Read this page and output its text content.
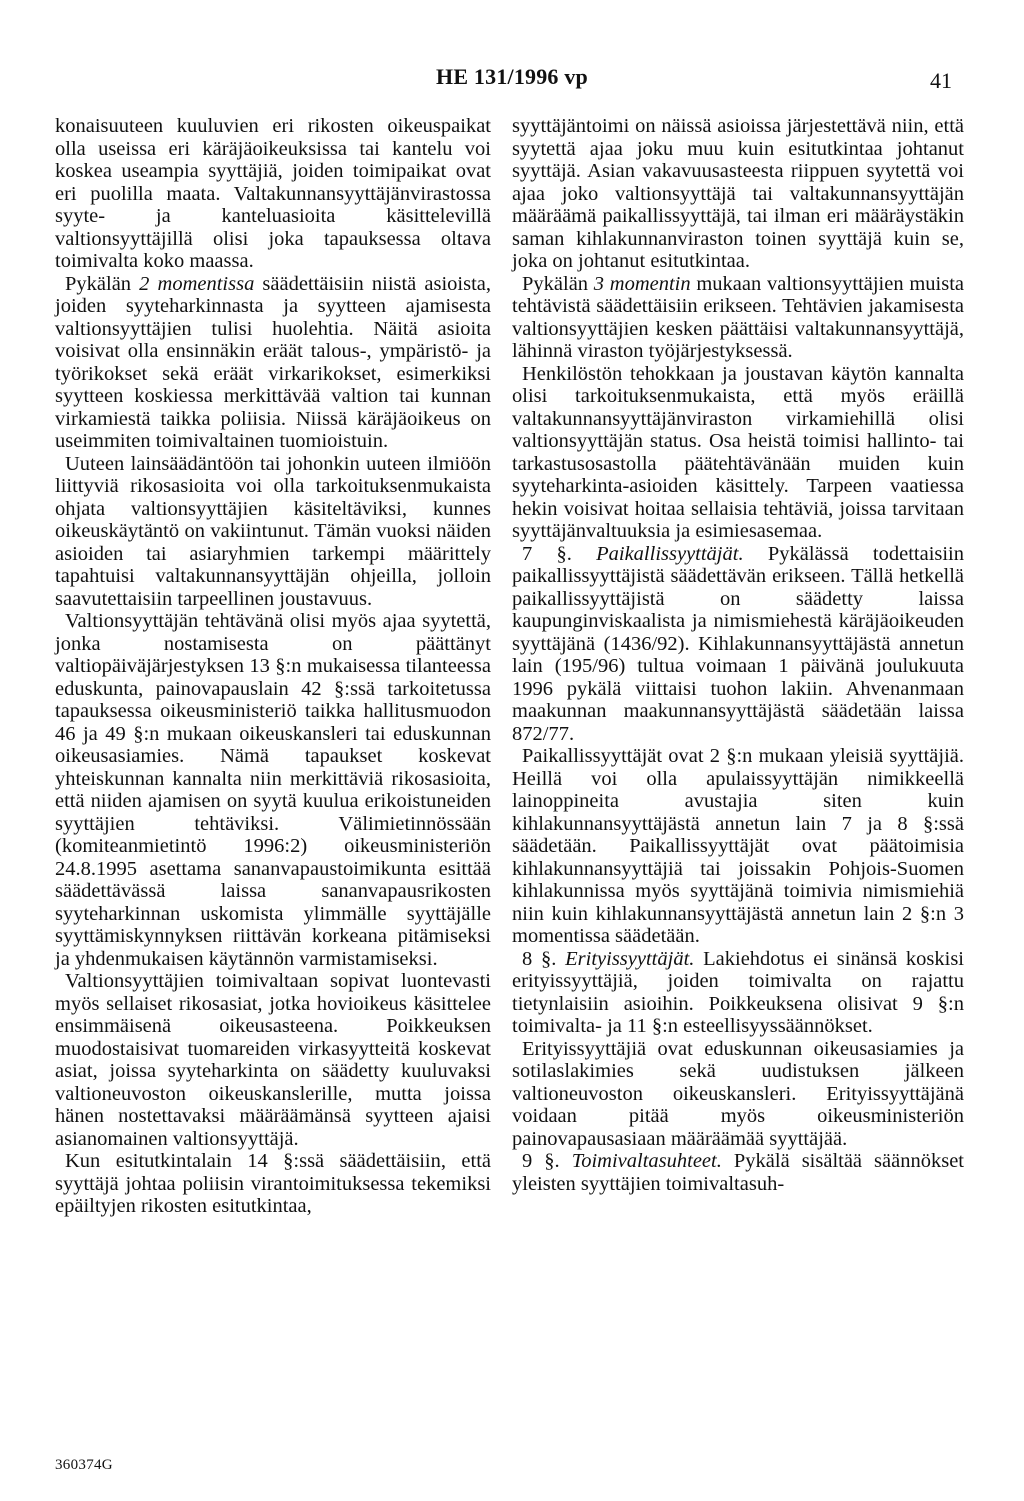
HE 131/1996 vp	41

konaisuuteen kuuluvien eri rikosten oikeuspaikat olla useissa eri käräjäoikeuksissa tai kantelu voi koskea useampia syyttäjiä, joiden toimipaikat ovat eri puolilla maata. Valtakunnansyyttäjänvirastossa syyte- ja kanteluasioita käsittelevillä valtionsyyttäjillä olisi joka tapauksessa oltava toimivalta koko maassa.

Pykälän 2 momentissa säädettäisiin niistä asioista, joiden syyteharkinnasta ja syytteen ajamisesta valtionsyyttäjien tulisi huolehtia. Näitä asioita voisivat olla ensinnäkin eräät talous-, ympäristö- ja työrikokset sekä eräät virkarikokset, esimerkiksi syytteen koskiessa merkittävää valtion tai kunnan virkamiestä taikka poliisia. Niissä käräjäoikeus on useimmiten toimivaltainen tuomioistuin.

Uuteen lainsäädäntöön tai johonkin uuteen ilmiöön liittyviä rikosasioita voi olla tarkoituksenmukaista ohjata valtionsyyttäjien käsiteltäviksi, kunnes oikeuskäytäntö on vakiintunut. Tämän vuoksi näiden asioiden tai asiaryhmien tarkempi määrittely tapahtuisi valtakunnansyyttäjän ohjeilla, jolloin saavutettaisiin tarpeellinen joustavuus.

Valtionsyyttäjän tehtävänä olisi myös ajaa syytettä, jonka nostamisesta on päättänyt valtiopäiväjärjestyksen 13 §:n mukaisessa tilanteessa eduskunta, painovapauslain 42 §:ssä tarkoitetussa tapauksessa oikeusministeriö taikka hallitusmuodon 46 ja 49 §:n mukaan oikeuskansleri tai eduskunnan oikeusasiamies. Nämä tapaukset koskevat yhteiskunnan kannalta niin merkittäviä rikosasioita, että niiden ajamisen on syytä kuulua erikoistuneiden syyttäjien tehtäviksi. Välimietinnössään (komiteanmietintö 1996:2) oikeusministeriön 24.8.1995 asettama sananvapaustoimikunta esittää säädettävässä laissa sananvapausrikosten syyteharkinnan uskomista ylimmälle syyttäjälle syyttämiskynnyksen riittävän korkeana pitämiseksi ja yhdenmukaisen käytännön varmistamiseksi.

Valtionsyyttäjien toimivaltaan sopivat luontevasti myös sellaiset rikosasiat, jotka hovioikeus käsittelee ensimmäisenä oikeusasteena. Poikkeuksen muodostaisivat tuomareiden virkasyytteitä koskevat asiat, joissa syyteharkinta on säädetty kuuluvaksi valtioneuvoston oikeuskanslerille, mutta joissa hänen nostettavaksi määräämänsä syytteen ajaisi asianomainen valtionsyyttäjä.

Kun esitutkintalain 14 §:ssä säädettäisiin, että syyttäjä johtaa poliisin virantoimituksessa tekemiksi epäiltyjen rikosten esitutkintaa,

syyttäjäntoimi on näissä asioissa järjestettävä niin, että syytettä ajaa joku muu kuin esitutkintaa johtanut syyttäjä. Asian vakavuusasteesta riippuen syytettä voi ajaa joko valtionsyyttäjä tai valtakunnansyyttäjän määräämä paikallissyyttäjä, tai ilman eri määräystäkin saman kihlakunnanviraston toinen syyttäjä kuin se, joka on johtanut esitutkintaa.

Pykälän 3 momentin mukaan valtionsyyttäjien muista tehtävistä säädettäisiin erikseen. Tehtävien jakamisesta valtionsyyttäjien kesken päättäisi valtakunnansyyttäjä, lähinnä viraston työjärjestyksessä.

Henkilöstön tehokkaan ja joustavan käytön kannalta olisi tarkoituksenmukaista, että myös eräillä valtakunnansyyttäjänviraston virkamiehillä olisi valtionsyyttäjän status. Osa heistä toimisi hallinto- tai tarkastusosastolla päätehtävänään muiden kuin syyteharkinta-asioiden käsittely. Tarpeen vaatiessa hekin voisivat hoitaa sellaisia tehtäviä, joissa tarvitaan syyttäjänvaltuuksia ja esimiesasemaa.

7 §. Paikallissyyttäjät. Pykälässä todettaisiin paikallissyyttäjistä säädettävän erikseen. Tällä hetkellä paikallissyyttäjistä on säädetty laissa kaupunginviskaalista ja nimismiehestä käräjäoikeuden syyttäjänä (1436/92). Kihlakunnansyyttäjästä annetun lain (195/96) tultua voimaan 1 päivänä joulukuuta 1996 pykälä viittaisi tuohon lakiin. Ahvenanmaan maakunnan maakunnansyyttäjästä säädetään laissa 872/77.

Paikallissyyttäjät ovat 2 §:n mukaan yleisiä syyttäjiä. Heillä voi olla apulaissyyttäjän nimikkeellä lainoppineita avustajia siten kuin kihlakunnansyyttäjästä annetun lain 7 ja 8 §:ssä säädetään. Paikallissyyttäjät ovat päätoimisia kihlakunnansyyttäjiä tai joissakin Pohjois-Suomen kihlakunnissa myös syyttäjänä toimivia nimismiehiä niin kuin kihlakunnansyyttäjästä annetun lain 2 §:n 3 momentissa säädetään.

8 §. Erityissyyttäjät. Lakiehdotus ei sinänsä koskisi erityissyyttäjiä, joiden toimivalta on rajattu tietynlaisiin asioihin. Poikkeuksena olisivat 9 §:n toimivalta- ja 11 §:n esteellisyyssäännökset.

Erityissyyttäjiä ovat eduskunnan oikeusasiamies ja sotilaslakimies sekä uudistuksen jälkeen valtioneuvoston oikeuskansleri. Erityissyyttäjänä voidaan pitää myös oikeusministeriön painovapausasiaan määräämää syyttäjää.

9 §. Toimivaltasuhteet. Pykälä sisältää säännökset yleisten syyttäjien toimivaltasuh-

360374G
